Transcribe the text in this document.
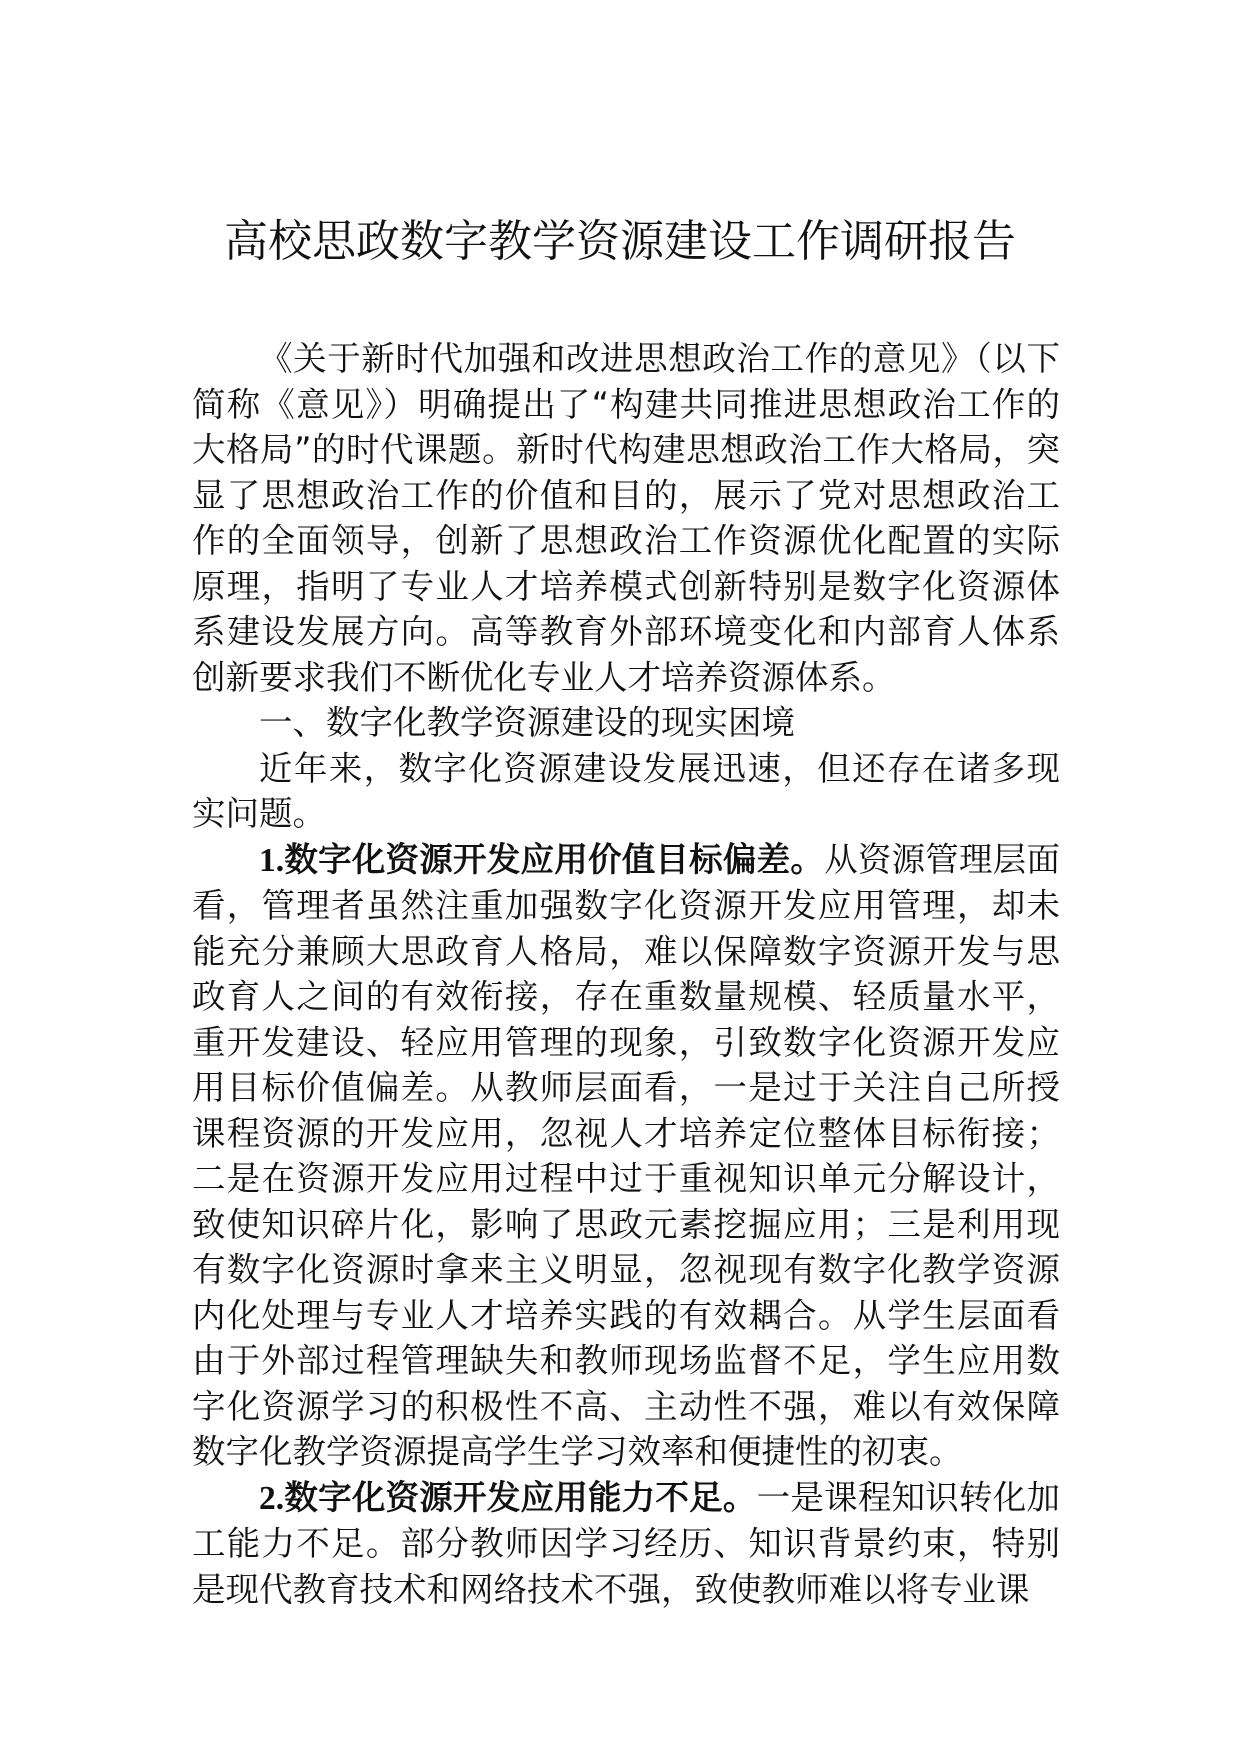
高校思政数字教学资源建设工作调研报告

《关于新时代加强和改进思想政治工作的意见》（以下简称《意见》）明确提出了“构建共同推进思想政治工作的大格局”的时代课题。新时代构建思想政治工作大格局，突显了思想政治工作的价值和目的，展示了党对思想政治工作的全面领导，创新了思想政治工作资源优化配置的实际原理，指明了专业人才培养模式创新特别是数字化资源体系建设发展方向。高等教育外部环境变化和内部育人体系创新要求我们不断优化专业人才培养资源体系。

一、数字化教学资源建设的现实困境

近年来，数字化资源建设发展迅速，但还存在诸多现实问题。

1.数字化资源开发应用价值目标偏差。从资源管理层面看，管理者虽然注重加强数字化资源开发应用管理，却未能充分兼顾大思政育人格局，难以保障数字资源开发与思政育人之间的有效衔接，存在重数量规模、轻质量水平，重开发建设、轻应用管理的现象，引致数字化资源开发应用目标价值偏差。从教师层面看，一是过于关注自己所授课程资源的开发应用，忽视人才培养定位整体目标衔接；二是在资源开发应用过程中过于重视知识单元分解设计，致使知识碎片化，影响了思政元素挖掘应用；三是利用现有数字化资源时拿来主义明显，忽视现有数字化教学资源内化处理与专业人才培养实践的有效耦合。从学生层面看由于外部过程管理缺失和教师现场监督不足，学生应用数字化资源学习的积极性不高、主动性不强，难以有效保障数字化教学资源提高学生学习效率和便捷性的初衷。

2.数字化资源开发应用能力不足。一是课程知识转化加工能力不足。部分教师因学习经历、知识背景约束，特别是现代教育技术和网络技术不强，致使教师难以将专业课
